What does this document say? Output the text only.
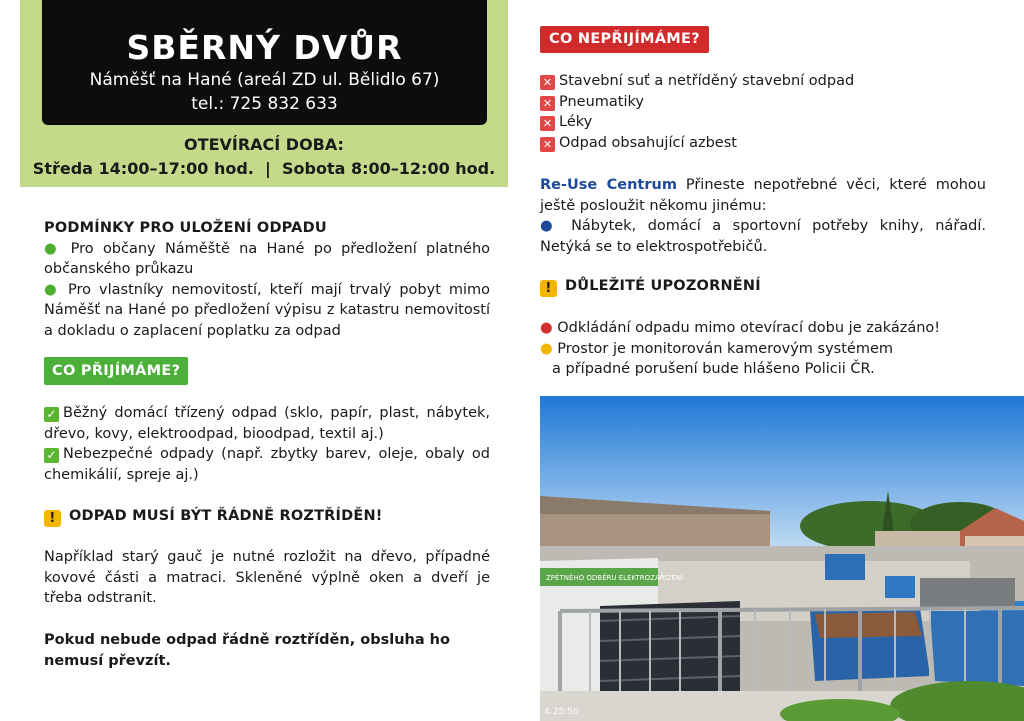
SBĚRNÝ DVŮR
Náměšť na Hané (areál ZD ul. Bělidlo 67)
tel.: 725 832 633
OTEVÍRACÍ DOBA:
Středa 14:00–17:00 hod.  |  Sobota 8:00–12:00 hod.
PODMÍNKY PRO ULOŽENÍ ODPADU
● Pro občany Náměště na Hané po předložení platného občanského průkazu
● Pro vlastníky nemovitostí, kteří mají trvalý pobyt mimo Náměšť na Hané po předložení výpisu z katastru nemovitostí a dokladu o zaplacení poplatku za odpad
CO PŘIJÍMÁME?
✓ Běžný domácí třízený odpad (sklo, papír, plast, nábytek, dřevo, kovy, elektroodpad, bioodpad, textil aj.)
✓ Nebezpečné odpady (např. zbytky barev, oleje, obaly od chemikálií, spreje aj.)
! ODPAD MUSÍ BÝT ŘÁDNĚ ROZTŘÍDĚN!
Například starý gauč je nutné rozložit na dřevo, případné kovové části a matraci. Skleněné výplně oken a dveří je třeba odstranit.
Pokud nebude odpad řádně roztříděn, obsluha ho nemusí převzít.
CO NEPŘIJÍMÁME?
✕ Stavební suť a netříděný stavební odpad
✕ Pneumatiky
✕ Léky
✕ Odpad obsahující azbest
Re-Use Centrum Přineste nepotřebné věci, které mohou ještě posloužit někomu jinému:
● Nábytek, domácí a sportovní potřeby knihy, nářadí. Netýká se to elektrospotřebičů.
! DŮLEŽITÉ UPOZORNĚNÍ
● Odkládání odpadu mimo otevírací dobu je zakázáno!
● Prostor je monitorován kamerovým systémem
a případné porušení bude hlášeno Policii ČR.
ZPĚTNÉHO ODBĚRU ELEKTROZAŘÍZENÍ
4:25:50
